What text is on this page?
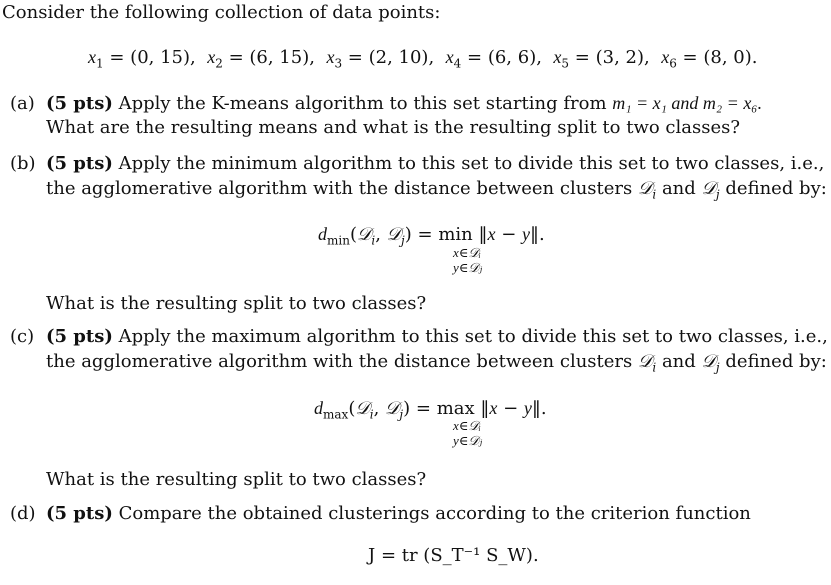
Consider the following collection of data points:
$x_1 = (0$, 15), $x_2 = (6$, 15), $x_3 = (2$, 10), $x_4 = (6$, 6), $x_5 = (3$, 2), $x_6 = (8$, 0).
(a) (5 pts) Apply the K-means algorithm to this set starting from m₁ = x₁ and m₂ = x₆.
What are the resulting means and what is the resulting split to two classes?
(b) (5 pts) Apply the minimum algorithm to this set to divide this set to two classes, i.e.,
the agglomerative algorithm with the distance between clusters 𝒟$_i$ and 𝒟$_j$ defined by:
$d_{min}(𝒟_i$, 𝒟$_j$) = min ‖x − y‖.
x∈𝒟ᵢ
y∈𝒟ⱼ
What is the resulting split to two classes?
(c) (5 pts) Apply the maximum algorithm to this set to divide this set to two classes, i.e.,
the agglomerative algorithm with the distance between clusters 𝒟$_i$ and 𝒟$_j$ defined by:
$d_{max}(𝒟_i$, 𝒟$_j$) = max ‖x − y‖.
x∈𝒟ᵢ
y∈𝒟ⱼ
What is the resulting split to two classes?
(d) (5 pts) Compare the obtained clusterings according to the criterion function
J = tr (S_T⁻¹ S_W).
